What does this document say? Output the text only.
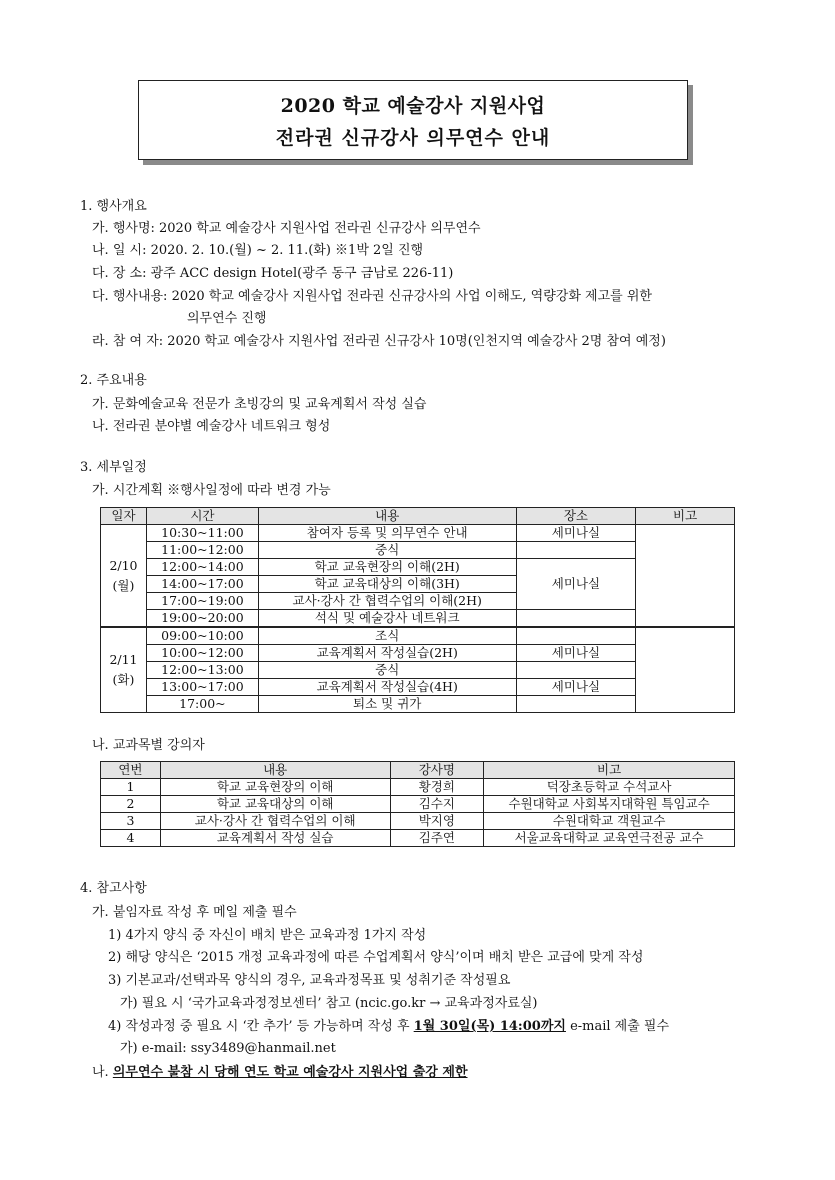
2020 학교 예술강사 지원사업
전라권 신규강사 의무연수 안내
1. 행사개요
가. 행사명: 2020 학교 예술강사 지원사업 전라권 신규강사 의무연수
나. 일 시: 2020. 2. 10.(월) ~ 2. 11.(화) ※1박 2일 진행
다. 장 소: 광주 ACC design Hotel(광주 동구 금남로 226-11)
다. 행사내용: 2020 학교 예술강사 지원사업 전라권 신규강사의 사업 이해도, 역량강화 제고를 위한
의무연수 진행
라. 참 여 자: 2020 학교 예술강사 지원사업 전라권 신규강사 10명(인천지역 예술강사 2명 참여 예정)
2. 주요내용
가. 문화예술교육 전문가 초빙강의 및 교육계획서 작성 실습
나. 전라권 분야별 예술강사 네트워크 형성
3. 세부일정
가. 시간계획 ※행사일정에 따라 변경 가능
일자	시간	내용	장소	비고

2/10
(월)	10:30~11:00	참여자 등록 및 의무연수 안내	세미나실	
	11:00~12:00	중식		
	12:00~14:00	학교 교육현장의 이해(2H)	세미나실	
	14:00~17:00	학교 교육대상의 이해(3H)		
	17:00~19:00	교사·강사 간 협력수업의 이해(2H)		
	19:00~20:00	석식 및 예술강사 네트워크		

2/11
(화)	09:00~10:00	조식		
	10:00~12:00	교육계획서 작성실습(2H)	세미나실	
	12:00~13:00	중식		
	13:00~17:00	교육계획서 작성실습(4H)	세미나실	
	17:00~	퇴소 및 귀가		
나. 교과목별 강의자
연번	내용	강사명	비고
1	학교 교육현장의 이해	황경희	덕장초등학교 수석교사
2	학교 교육대상의 이해	김수지	수원대학교 사회복지대학원 특임교수
3	교사·강사 간 협력수업의 이해	박지영	수원대학교 객원교수
4	교육계획서 작성 실습	김주연	서울교육대학교 교육연극전공 교수
4. 참고사항
가. 붙임자료 작성 후 메일 제출 필수
1) 4가지 양식 중 자신이 배치 받은 교육과정 1가지 작성
2) 해당 양식은 ‘2015 개정 교육과정에 따른 수업계획서 양식’이며 배치 받은 교급에 맞게 작성
3) 기본교과/선택과목 양식의 경우, 교육과정목표 및 성취기준 작성필요
가) 필요 시 ‘국가교육과정정보센터’ 참고 (ncic.go.kr → 교육과정자료실)
4) 작성과정 중 필요 시 ‘칸 추가’ 등 가능하며 작성 후 1월 30일(목) 14:00까지 e-mail 제출 필수
가) e-mail: ssy3489@hanmail.net
나. 의무연수 불참 시 당해 연도 학교 예술강사 지원사업 출강 제한
